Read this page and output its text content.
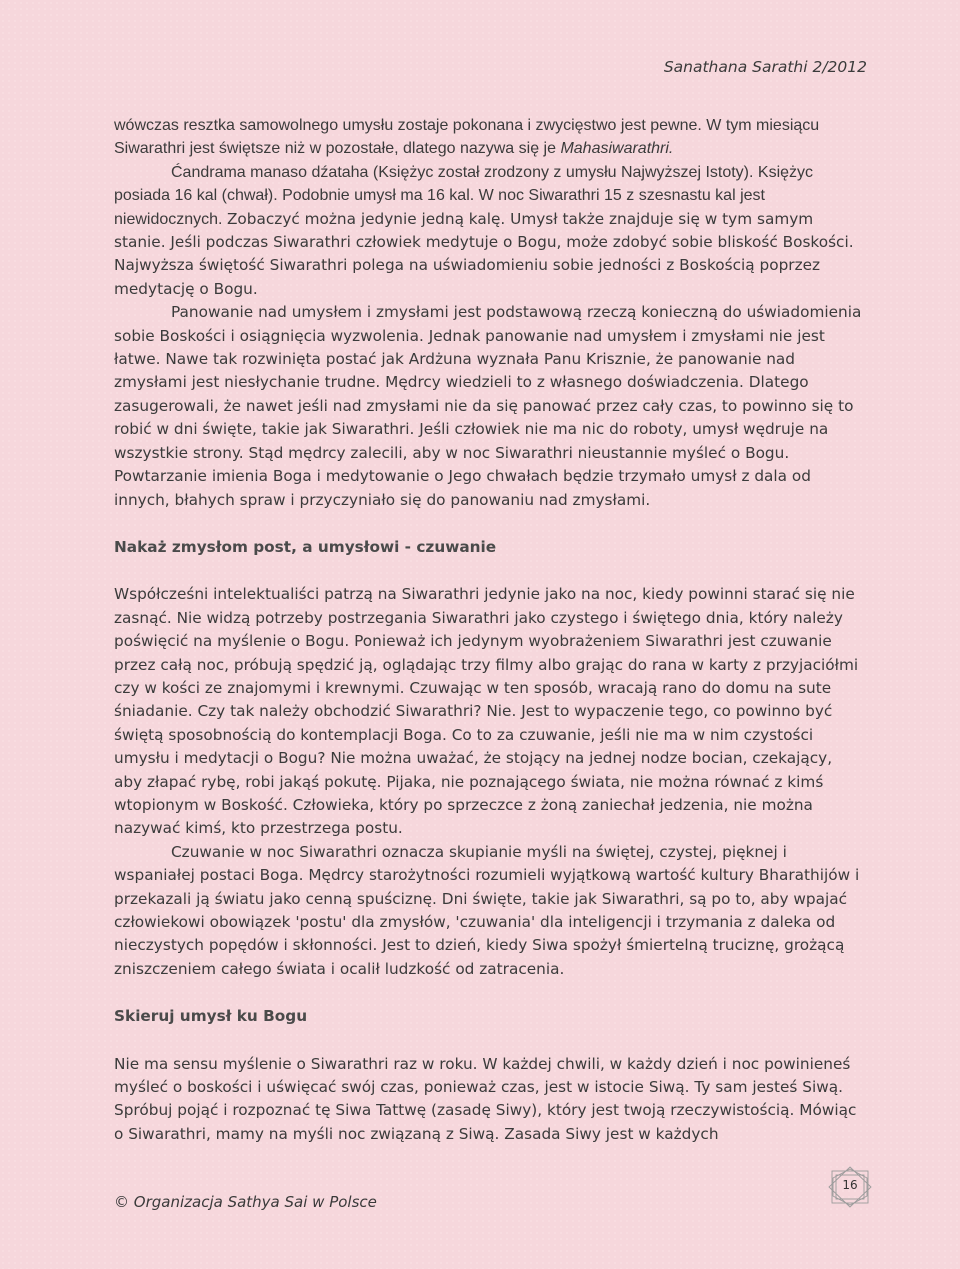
Sanathana Sarathi 2/2012

wówczas resztka samowolnego umysłu zostaje pokonana i zwycięstwo jest pewne. W tym miesiącu Siwarathri jest świętsze niż w pozostałe, dlatego nazywa się je Mahasiwarathri.

Ćandrama manaso dźataha (Księżyc został zrodzony z umysłu Najwyższej Istoty). Księżyc posiada 16 kal (chwał). Podobnie umysł ma 16 kal. W noc Siwarathri 15 z szesnastu kal jest niewidocznych. Zobaczyć można jedynie jedną kalę. Umysł także znajduje się w tym samym stanie. Jeśli podczas Siwarathri człowiek medytuje o Bogu, może zdobyć sobie bliskość Boskości. Najwyższa świętość Siwarathri polega na uświadomieniu sobie jedności z Boskością poprzez medytację o Bogu.

Panowanie nad umysłem i zmysłami jest podstawową rzeczą konieczną do uświadomienia sobie Boskości i osiągnięcia wyzwolenia. Jednak panowanie nad umysłem i zmysłami nie jest łatwe. Nawe tak rozwinięta postać jak Ardżuna wyznała Panu Krisznie, że panowanie nad zmysłami jest niesłychanie trudne. Mędrcy wiedzieli to z własnego doświadczenia. Dlatego zasugerowali, że nawet jeśli nad zmysłami nie da się panować przez cały czas, to powinno się to robić w dni święte, takie jak Siwarathri. Jeśli człowiek nie ma nic do roboty, umysł wędruje na wszystkie strony. Stąd mędrcy zalecili, aby w noc Siwarathri nieustannie myśleć o Bogu. Powtarzanie imienia Boga i medytowanie o Jego chwałach będzie trzymało umysł z dala od innych, błahych spraw i przyczyniało się do panowaniu nad zmysłami.

Nakaż zmysłom post, a umysłowi - czuwanie

Współcześni intelektualiści patrzą na Siwarathri jedynie jako na noc, kiedy powinni starać się nie zasnąć. Nie widzą potrzeby postrzegania Siwarathri jako czystego i świętego dnia, który należy poświęcić na myślenie o Bogu. Ponieważ ich jedynym wyobrażeniem Siwarathri jest czuwanie przez całą noc, próbują spędzić ją, oglądając trzy filmy albo grając do rana w karty z przyjaciółmi czy w kości ze znajomymi i krewnymi. Czuwając w ten sposób, wracają rano do domu na sute śniadanie. Czy tak należy obchodzić Siwarathri? Nie. Jest to wypaczenie tego, co powinno być świętą sposobnością do kontemplacji Boga. Co to za czuwanie, jeśli nie ma w nim czystości umysłu i medytacji o Bogu? Nie można uważać, że stojący na jednej nodze bocian, czekający, aby złapać rybę, robi jakąś pokutę. Pijaka, nie poznającego świata, nie można równać z kimś wtopionym w Boskość. Człowieka, który po sprzeczce z żoną zaniechał jedzenia, nie można nazywać kimś, kto przestrzega postu.

Czuwanie w noc Siwarathri oznacza skupianie myśli na świętej, czystej, pięknej i wspaniałej postaci Boga. Mędrcy starożytności rozumieli wyjątkową wartość kultury Bharathijów i przekazali ją światu jako cenną spuściznę. Dni święte, takie jak Siwarathri, są po to, aby wpajać człowiekowi obowiązek 'postu' dla zmysłów, 'czuwania' dla inteligencji i trzymania z daleka od nieczystych popędów i skłonności. Jest to dzień, kiedy Siwa spożył śmiertelną truciznę, grożącą zniszczeniem całego świata i ocalił ludzkość od zatracenia.

Skieruj umysł ku Bogu

Nie ma sensu myślenie o Siwarathri raz w roku. W każdej chwili, w każdy dzień i noc powinieneś myśleć o boskości i uświęcać swój czas, ponieważ czas, jest w istocie Siwą. Ty sam jesteś Siwą. Spróbuj pojąć i rozpoznać tę Siwa Tattwę (zasadę Siwy), który jest twoją rzeczywistością. Mówiąc o Siwarathri, mamy na myśli noc związaną z Siwą. Zasada Siwy jest w każdych

© Organizacja Sathya Sai w Polsce
16
